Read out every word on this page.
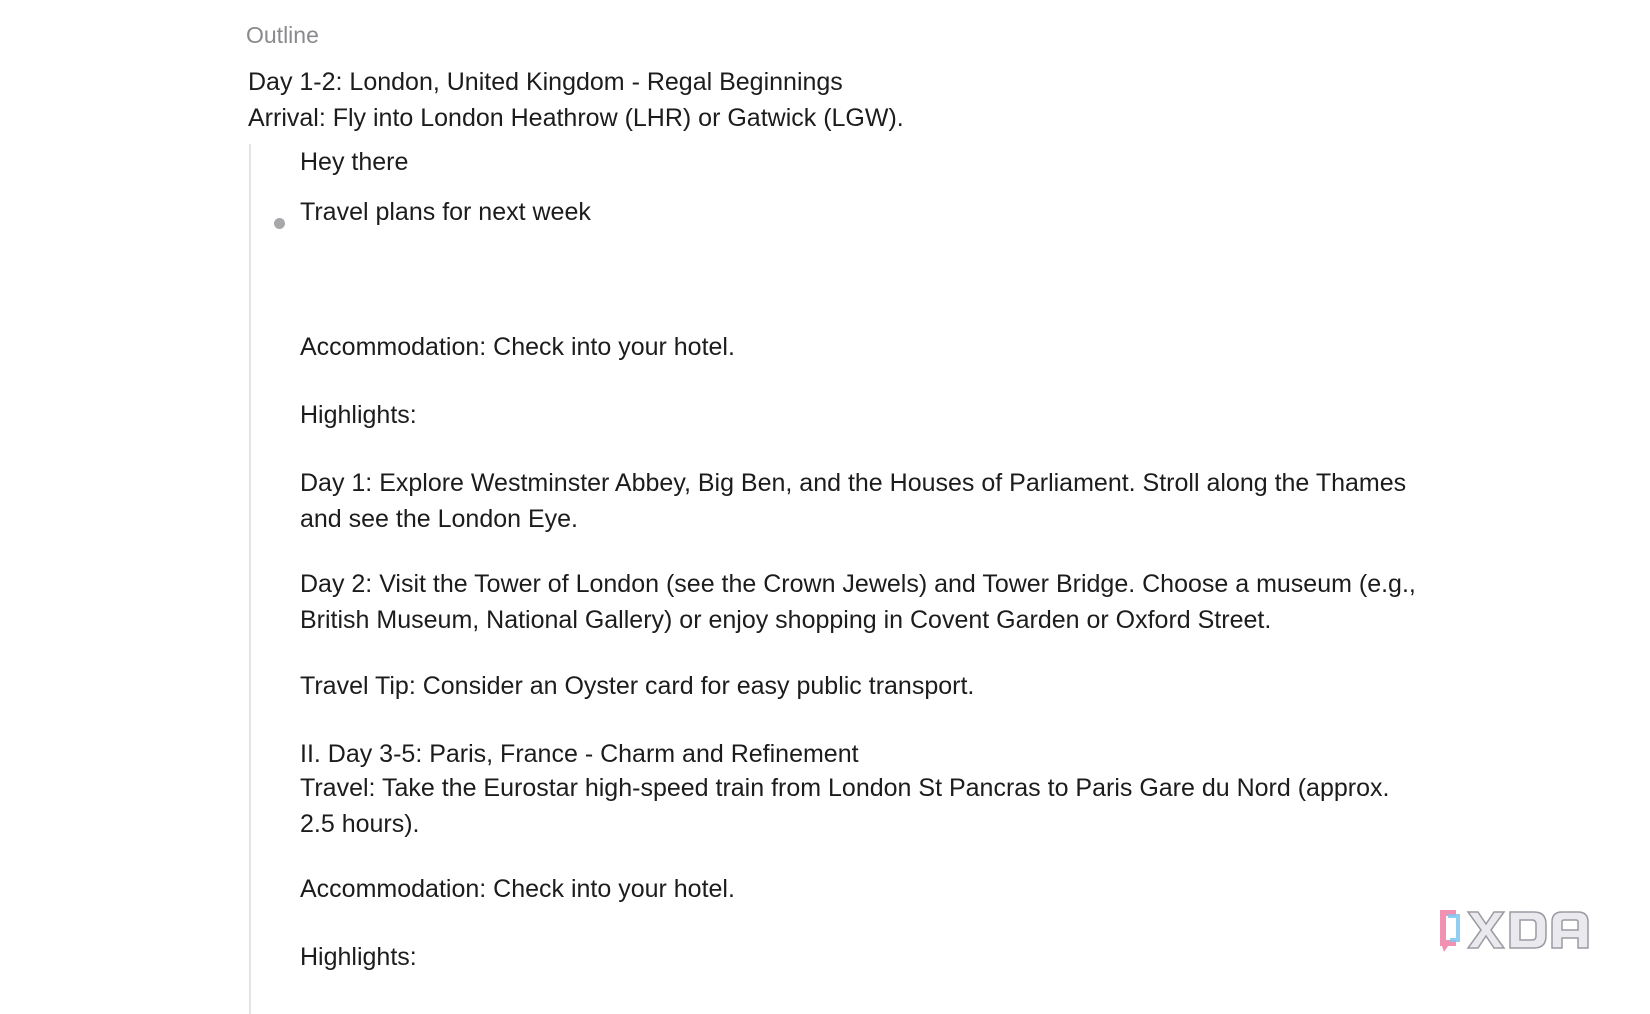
Outline
Day 1-2: London, United Kingdom - Regal Beginnings
Arrival: Fly into London Heathrow (LHR) or Gatwick (LGW).
Hey there
Travel plans for next week
Accommodation: Check into your hotel.
Highlights:
Day 1: Explore Westminster Abbey, Big Ben, and the Houses of Parliament. Stroll along the Thames and see the London Eye.
Day 2: Visit the Tower of London (see the Crown Jewels) and Tower Bridge. Choose a museum (e.g., British Museum, National Gallery) or enjoy shopping in Covent Garden or Oxford Street.
Travel Tip: Consider an Oyster card for easy public transport.
II. Day 3-5: Paris, France - Charm and Refinement
Travel: Take the Eurostar high-speed train from London St Pancras to Paris Gare du Nord (approx. 2.5 hours).
Accommodation: Check into your hotel.
Highlights:
